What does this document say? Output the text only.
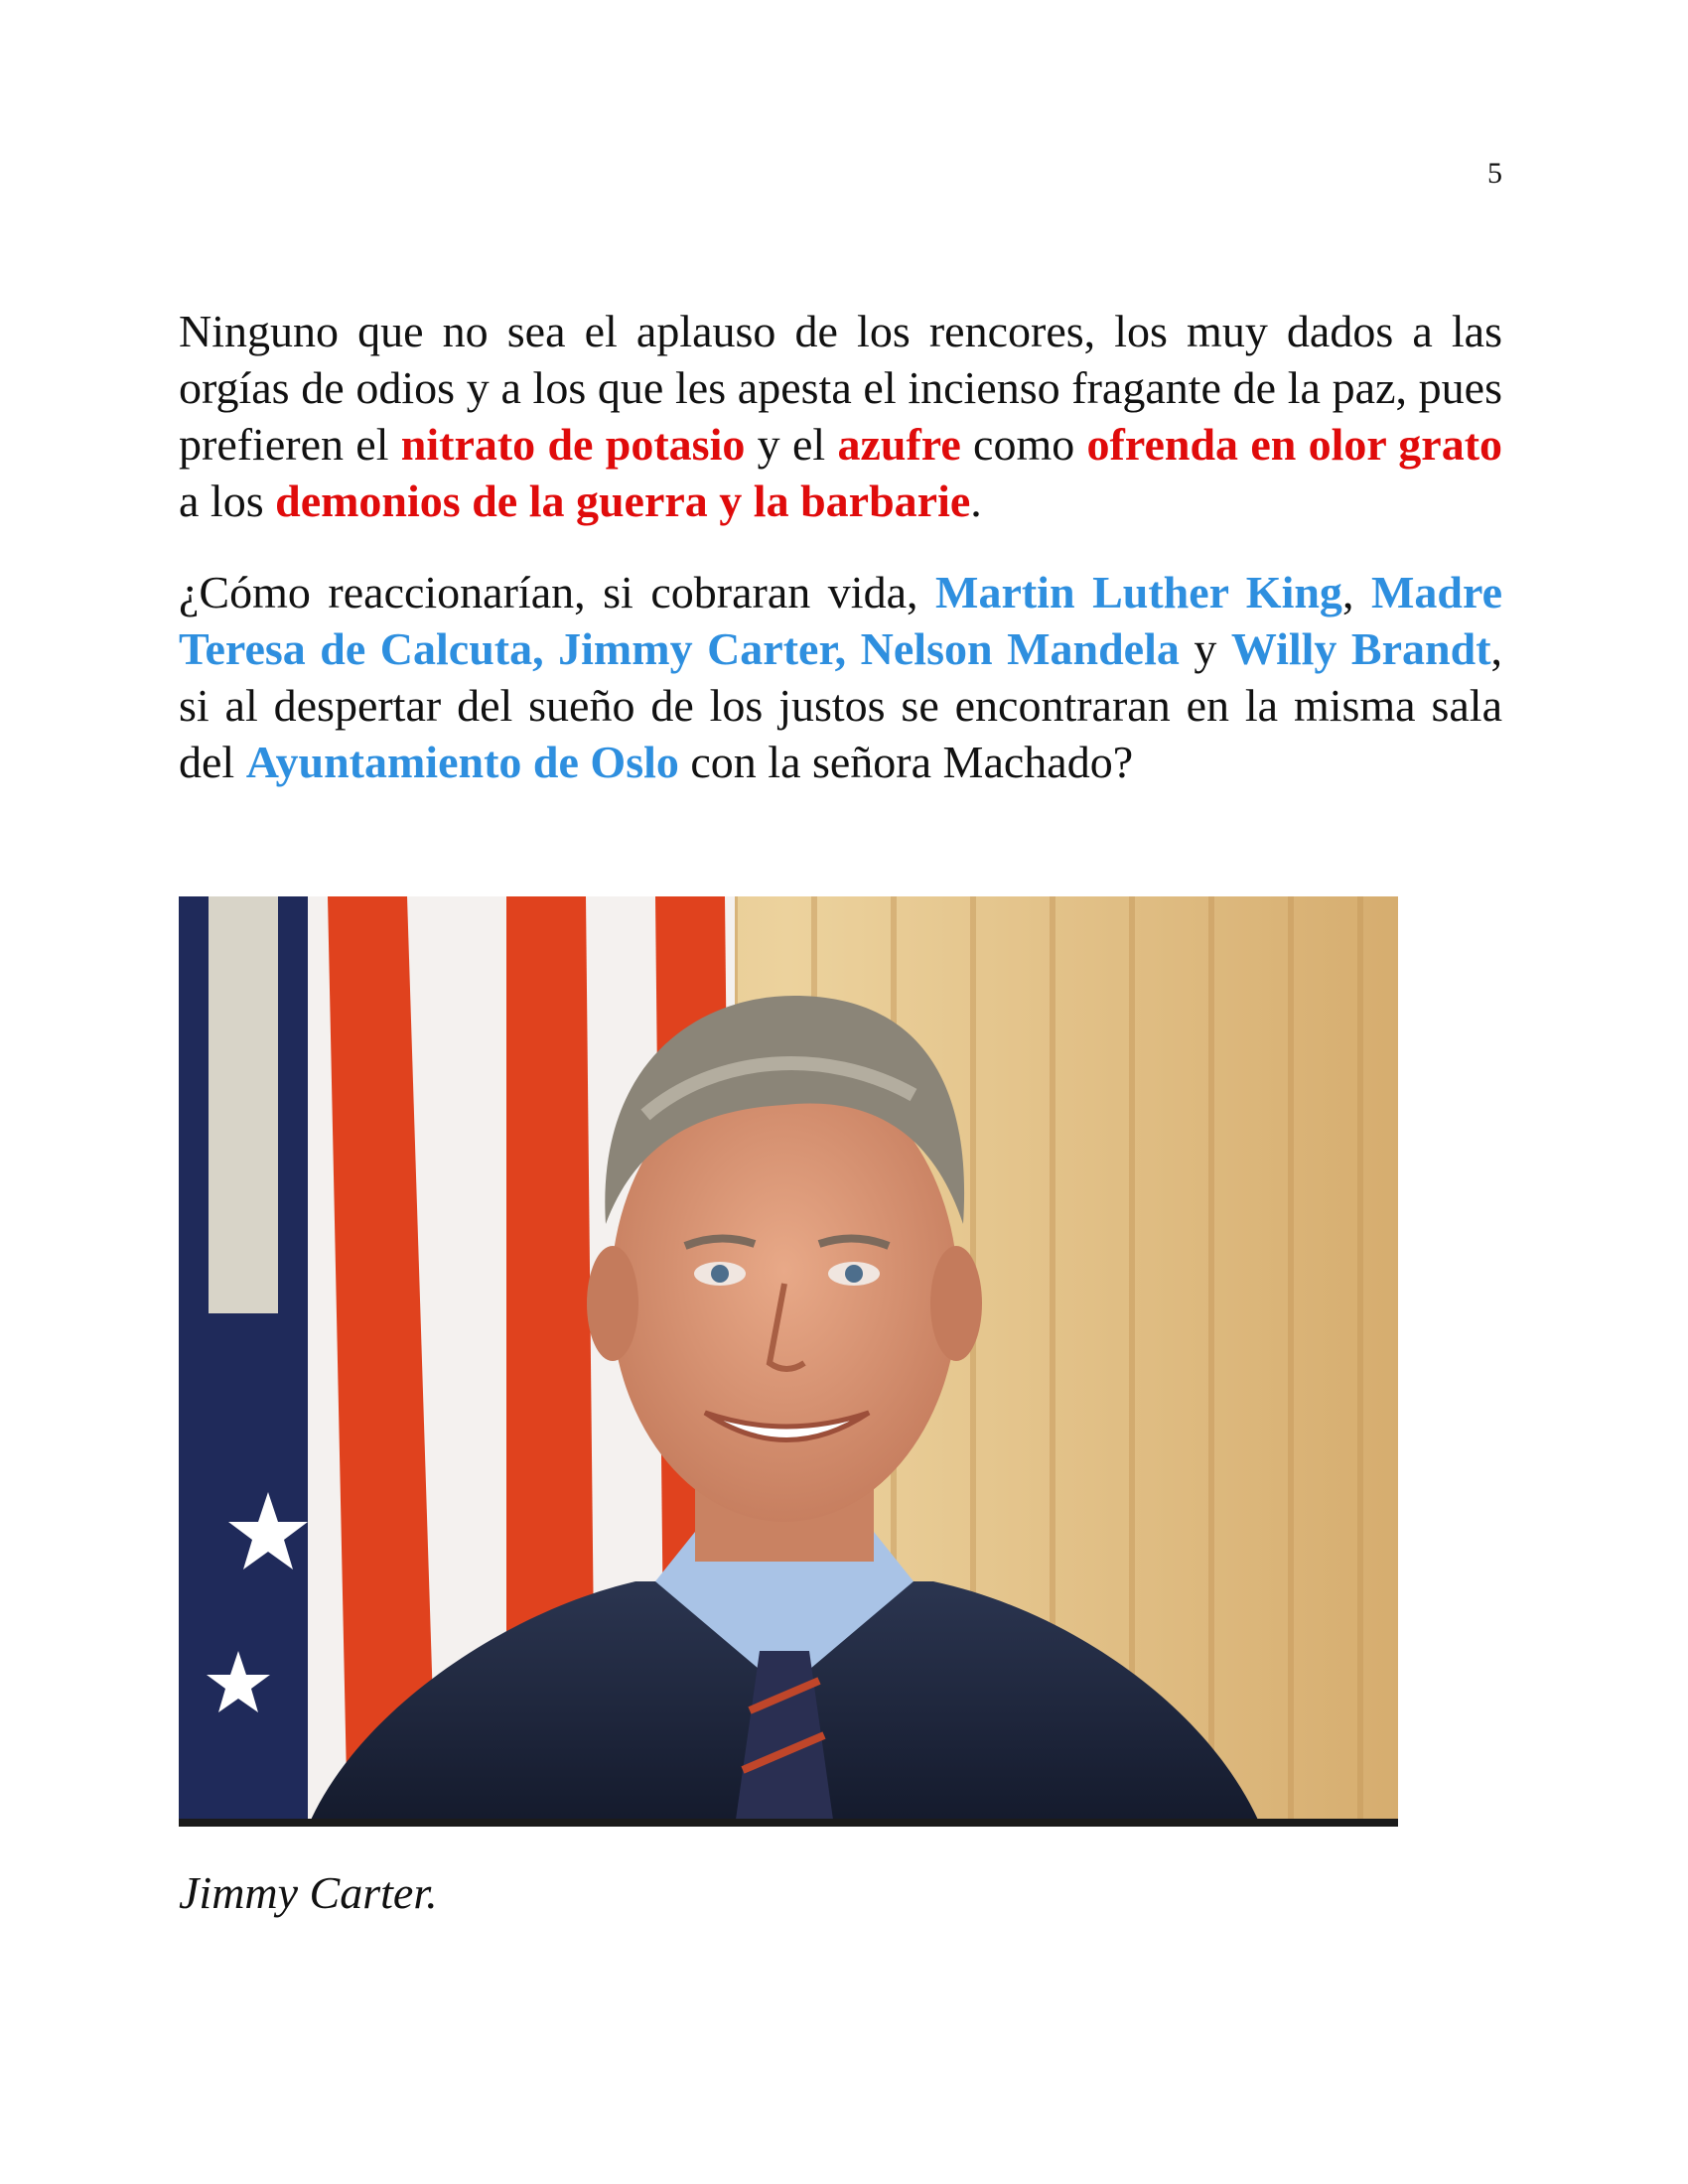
5

Ninguno que no sea el aplauso de los rencores, los muy dados a las orgías de odios y a los que les apesta el incienso fragante de la paz, pues prefieren el nitrato de potasio y el azufre como ofrenda en olor grato a los demonios de la guerra y la barbarie.

¿Cómo reaccionarían, si cobraran vida, Martin Luther King, Madre Teresa de Calcuta, Jimmy Carter, Nelson Mandela y Willy Brandt, si al despertar del sueño de los justos se encontraran en la misma sala del Ayuntamiento de Oslo con la señora Machado?

Jimmy Carter.
